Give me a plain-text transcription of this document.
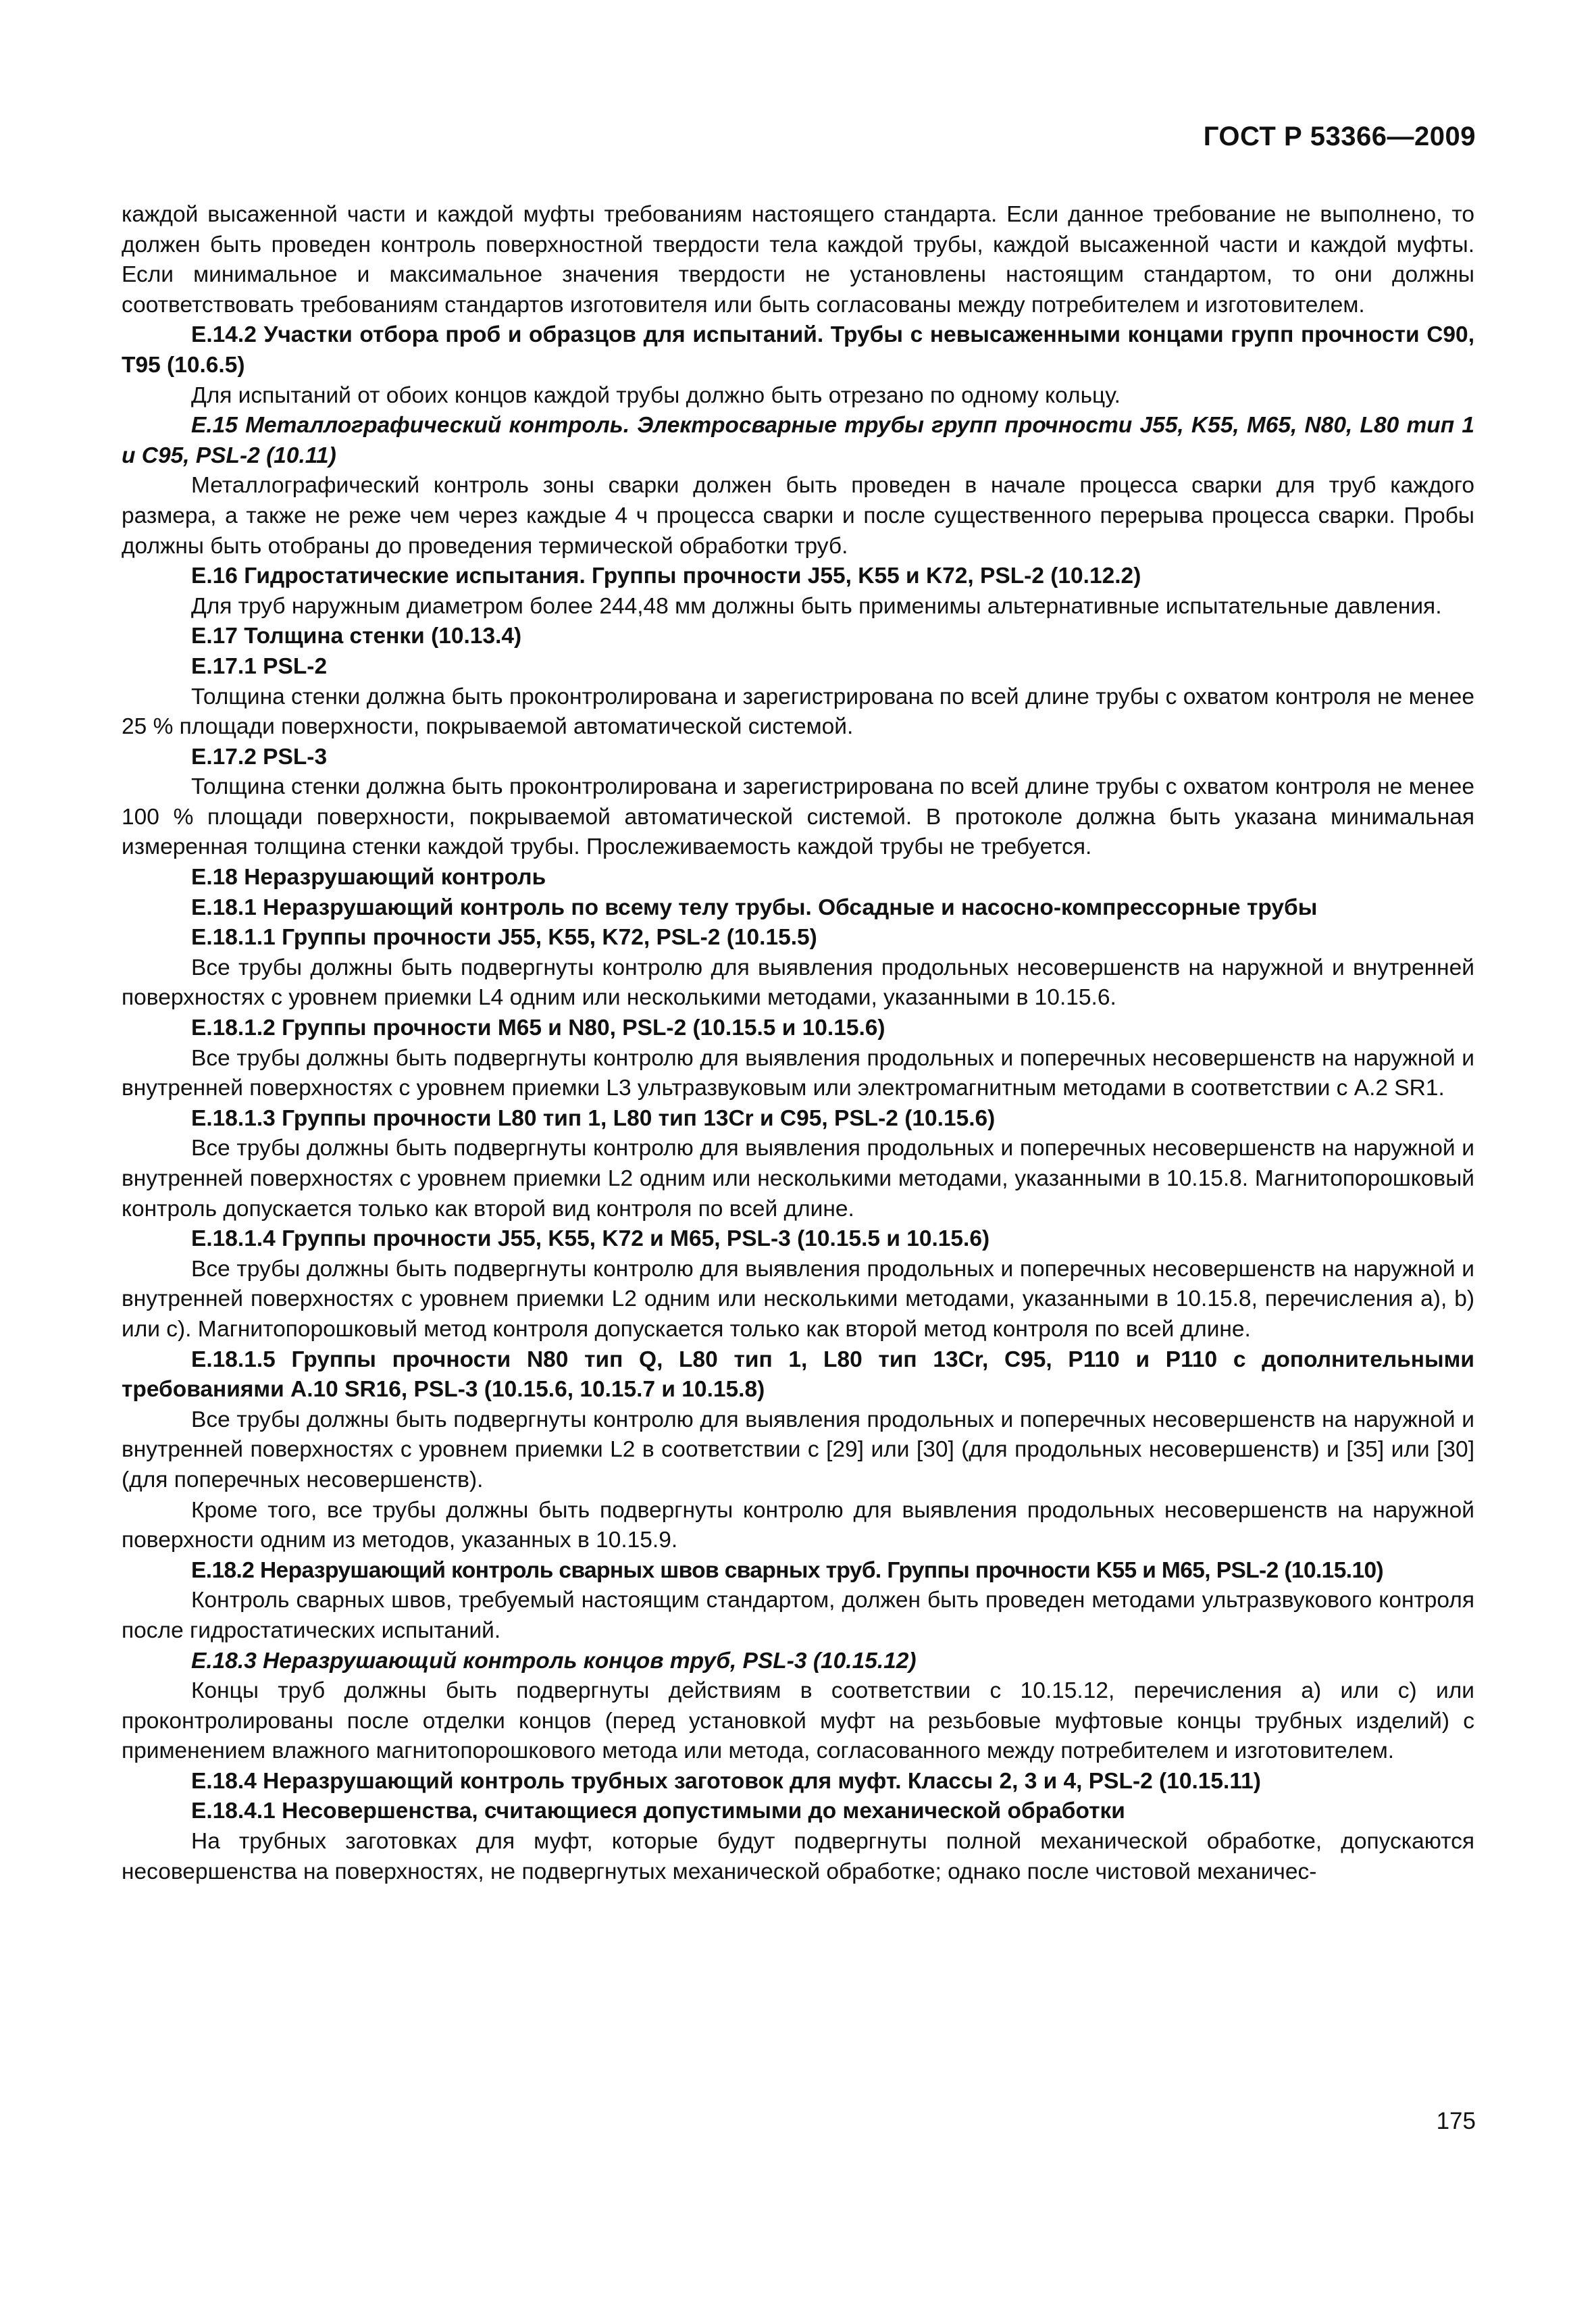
ГОСТ Р 53366—2009

каждой высаженной части и каждой муфты требованиям настоящего стандарта. Если данное требование не выполнено, то должен быть проведен контроль поверхностной твердости тела каждой трубы, каждой высаженной части и каждой муфты. Если минимальное и максимальное значения твердости не установлены настоящим стандартом, то они должны соответствовать требованиям стандартов изготовителя или быть согласованы между потребителем и изготовителем.

Е.14.2 Участки отбора проб и образцов для испытаний. Трубы с невысаженными концами групп прочности С90, Т95 (10.6.5)

Для испытаний от обоих концов каждой трубы должно быть отрезано по одному кольцу.

Е.15 Металлографический контроль. Электросварные трубы групп прочности J55, K55, M65, N80, L80 тип 1 и С95, PSL-2 (10.11)

Металлографический контроль зоны сварки должен быть проведен в начале процесса сварки для труб каждого размера, а также не реже чем через каждые 4 ч процесса сварки и после существенного перерыва процесса сварки. Пробы должны быть отобраны до проведения термической обработки труб.

Е.16 Гидростатические испытания. Группы прочности J55, K55 и K72, PSL-2 (10.12.2)

Для труб наружным диаметром более 244,48 мм должны быть применимы альтернативные испытательные давления.

Е.17 Толщина стенки (10.13.4)

Е.17.1 PSL-2

Толщина стенки должна быть проконтролирована и зарегистрирована по всей длине трубы с охватом контроля не менее 25 % площади поверхности, покрываемой автоматической системой.

Е.17.2 PSL-3

Толщина стенки должна быть проконтролирована и зарегистрирована по всей длине трубы с охватом контроля не менее 100 % площади поверхности, покрываемой автоматической системой. В протоколе должна быть указана минимальная измеренная толщина стенки каждой трубы. Прослеживаемость каждой трубы не требуется.

Е.18 Неразрушающий контроль

Е.18.1 Неразрушающий контроль по всему телу трубы. Обсадные и насосно-компрессорные трубы

Е.18.1.1 Группы прочности J55, K55, K72, PSL-2 (10.15.5)

Все трубы должны быть подвергнуты контролю для выявления продольных несовершенств на наружной и внутренней поверхностях с уровнем приемки L4 одним или несколькими методами, указанными в 10.15.6.

Е.18.1.2 Группы прочности М65 и N80, PSL-2 (10.15.5 и 10.15.6)

Все трубы должны быть подвергнуты контролю для выявления продольных и поперечных несовершенств на наружной и внутренней поверхностях с уровнем приемки L3 ультразвуковым или электромагнитным методами в соответствии с А.2 SR1.

Е.18.1.3 Группы прочности L80 тип 1, L80 тип 13Cr и С95, PSL-2 (10.15.6)

Все трубы должны быть подвергнуты контролю для выявления продольных и поперечных несовершенств на наружной и внутренней поверхностях с уровнем приемки L2 одним или несколькими методами, указанными в 10.15.8. Магнитопорошковый контроль допускается только как второй вид контроля по всей длине.

Е.18.1.4 Группы прочности J55, K55, K72 и M65, PSL-3 (10.15.5 и 10.15.6)

Все трубы должны быть подвергнуты контролю для выявления продольных и поперечных несовершенств на наружной и внутренней поверхностях с уровнем приемки L2 одним или несколькими методами, указанными в 10.15.8, перечисления а), b) или с). Магнитопорошковый метод контроля допускается только как второй метод контроля по всей длине.

Е.18.1.5 Группы прочности N80 тип Q, L80 тип 1, L80 тип 13Cr, С95, Р110 и Р110 с дополнительными требованиями А.10 SR16, PSL-3 (10.15.6, 10.15.7 и 10.15.8)

Все трубы должны быть подвергнуты контролю для выявления продольных и поперечных несовершенств на наружной и внутренней поверхностях с уровнем приемки L2 в соответствии с [29] или [30] (для продольных несовершенств) и [35] или [30] (для поперечных несовершенств).

Кроме того, все трубы должны быть подвергнуты контролю для выявления продольных несовершенств на наружной поверхности одним из методов, указанных в 10.15.9.

Е.18.2 Неразрушающий контроль сварных швов сварных труб. Группы прочности K55 и M65, PSL-2 (10.15.10)

Контроль сварных швов, требуемый настоящим стандартом, должен быть проведен методами ультразвукового контроля после гидростатических испытаний.

Е.18.3 Неразрушающий контроль концов труб, PSL-3 (10.15.12)

Концы труб должны быть подвергнуты действиям в соответствии с 10.15.12, перечисления а) или с) или проконтролированы после отделки концов (перед установкой муфт на резьбовые муфтовые концы трубных изделий) с применением влажного магнитопорошкового метода или метода, согласованного между потребителем и изготовителем.

Е.18.4 Неразрушающий контроль трубных заготовок для муфт. Классы 2, 3 и 4, PSL-2 (10.15.11)

Е.18.4.1 Несовершенства, считающиеся допустимыми до механической обработки

На трубных заготовках для муфт, которые будут подвергнуты полной механической обработке, допускаются несовершенства на поверхностях, не подвергнутых механической обработке; однако после чистовой механичес-

175
